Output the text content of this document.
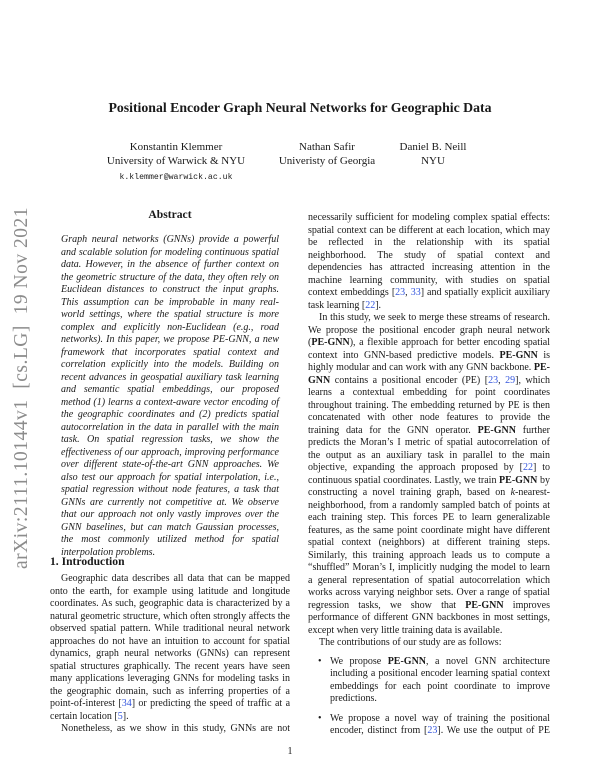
arXiv:2111.10144v1  [cs.LG]  19 Nov 2021
Positional Encoder Graph Neural Networks for Geographic Data
Konstantin Klemmer
University of Warwick & NYU
k.klemmer@warwick.ac.uk
Nathan Safir
Univeristy of Georgia
Daniel B. Neill
NYU
Abstract
Graph neural networks (GNNs) provide a powerful and scalable solution for modeling continuous spatial data. However, in the absence of further context on the geometric structure of the data, they often rely on Euclidean distances to construct the input graphs. This assumption can be improbable in many real-world settings, where the spatial structure is more complex and explicitly non-Euclidean (e.g., road networks). In this paper, we propose PE-GNN, a new framework that incorporates spatial context and correlation explicitly into the models. Building on recent advances in geospatial auxiliary task learning and semantic spatial embeddings, our proposed method (1) learns a context-aware vector encoding of the geographic coordinates and (2) predicts spatial autocorrelation in the data in parallel with the main task. On spatial regression tasks, we show the effectiveness of our approach, improving performance over different state-of-the-art GNN approaches. We also test our approach for spatial interpolation, i.e., spatial regression without node features, a task that GNNs are currently not competitive at. We observe that our approach not only vastly improves over the GNN baselines, but can match Gaussian processes, the most commonly utilized method for spatial interpolation problems.
1. Introduction

Geographic data describes all data that can be mapped onto the earth, for example using latitude and longitude coordinates. As such, geographic data is characterized by a natural geometric structure, which often strongly affects the observed spatial pattern. While traditional neural network approaches do not have an intuition to account for spatial dynamics, graph neural networks (GNNs) can represent spatial structures graphically. The recent years have seen many applications leveraging GNNs for modeling tasks in the geographic domain, such as inferring properties of a point-of-interest [34] or predicting the speed of traffic at a certain location [5].

Nonetheless, as we show in this study, GNNs are not

necessarily sufficient for modeling complex spatial effects: spatial context can be different at each location, which may be reflected in the relationship with its spatial neighborhood. The study of spatial context and dependencies has attracted increasing attention in the machine learning community, with studies on spatial context embeddings [23, 33] and spatially explicit auxiliary task learning [22].

In this study, we seek to merge these streams of research. We propose the positional encoder graph neural network (PE-GNN), a flexible approach for better encoding spatial context into GNN-based predictive models. PE-GNN is highly modular and can work with any GNN backbone. PE-GNN contains a positional encoder (PE) [23, 29], which learns a contextual embedding for point coordinates throughout training. The embedding returned by PE is then concatenated with other node features to provide the training data for the GNN operator. PE-GNN further predicts the Moran’s I metric of spatial autocorrelation of the output as an auxiliary task in parallel to the main objective, expanding the approach proposed by [22] to continuous spatial coordinates. Lastly, we train PE-GNN by constructing a novel training graph, based on k-nearest-neighborhood, from a randomly sampled batch of points at each training step. This forces PE to learn generalizable features, as the same point coordinate might have different spatial context (neighbors) at different training steps. Similarly, this training approach leads us to compute a “shuffled” Moran’s I, implicitly nudging the model to learn a general representation of spatial autocorrelation which works across varying neighbor sets. Over a range of spatial regression tasks, we show that PE-GNN improves performance of different GNN backbones in most settings, except when very little training data is available.

The contributions of our study are as follows:

• We propose PE-GNN, a novel GNN architecture including a positional encoder learning spatial context embeddings for each point coordinate to improve predictions.
• We propose a novel way of training the positional encoder, distinct from [23]. We use the output of PE
1
